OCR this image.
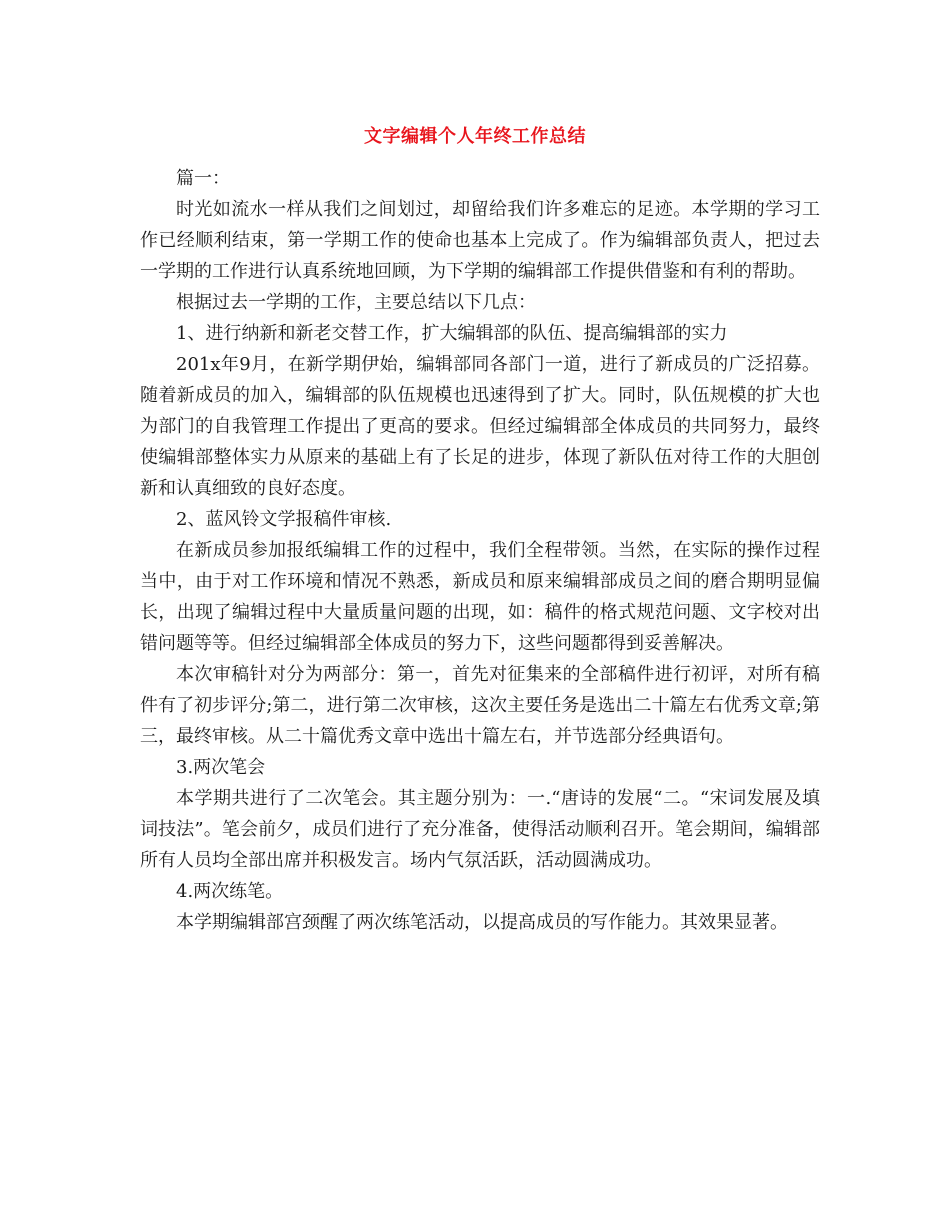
文字编辑个人年终工作总结

篇一：

时光如流水一样从我们之间划过，却留给我们许多难忘的足迹。本学期的学习工作已经顺利结束，第一学期工作的使命也基本上完成了。作为编辑部负责人，把过去一学期的工作进行认真系统地回顾，为下学期的编辑部工作提供借鉴和有利的帮助。

根据过去一学期的工作，主要总结以下几点：

1、进行纳新和新老交替工作，扩大编辑部的队伍、提高编辑部的实力

201x年9月，在新学期伊始，编辑部同各部门一道，进行了新成员的广泛招募。随着新成员的加入，编辑部的队伍规模也迅速得到了扩大。同时，队伍规模的扩大也为部门的自我管理工作提出了更高的要求。但经过编辑部全体成员的共同努力，最终使编辑部整体实力从原来的基础上有了长足的进步，体现了新队伍对待工作的大胆创新和认真细致的良好态度。

2、蓝风铃文学报稿件审核.

在新成员参加报纸编辑工作的过程中，我们全程带领。当然，在实际的操作过程当中，由于对工作环境和情况不熟悉，新成员和原来编辑部成员之间的磨合期明显偏长，出现了编辑过程中大量质量问题的出现，如：稿件的格式规范问题、文字校对出错问题等等。但经过编辑部全体成员的努力下，这些问题都得到妥善解决。

本次审稿针对分为两部分：第一，首先对征集来的全部稿件进行初评，对所有稿件有了初步评分;第二，进行第二次审核，这次主要任务是选出二十篇左右优秀文章;第三，最终审核。从二十篇优秀文章中选出十篇左右，并节选部分经典语句。

3.两次笔会

本学期共进行了二次笔会。其主题分别为：一.“唐诗的发展“二。“宋词发展及填词技法”。笔会前夕，成员们进行了充分准备，使得活动顺利召开。笔会期间，编辑部所有人员均全部出席并积极发言。场内气氛活跃，活动圆满成功。

4.两次练笔。

本学期编辑部宫颈醒了两次练笔活动，以提高成员的写作能力。其效果显著。
